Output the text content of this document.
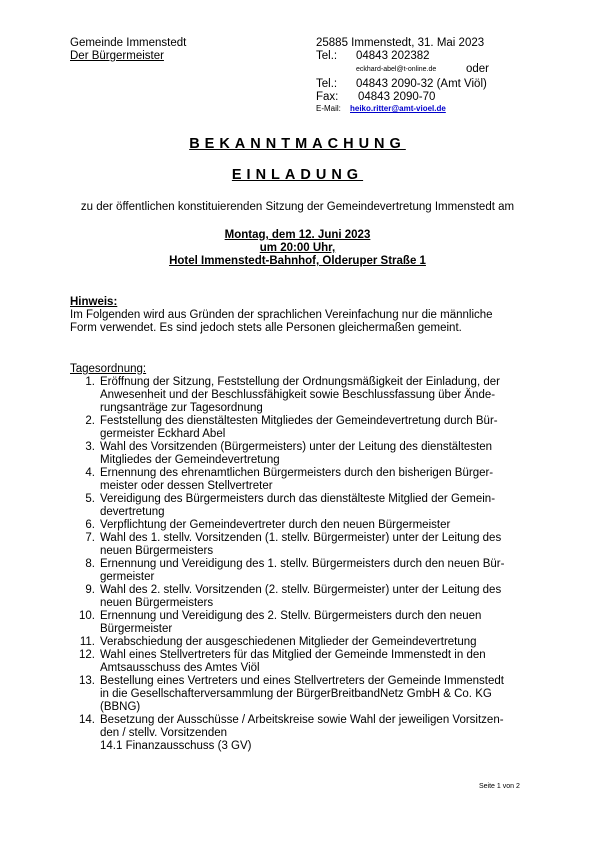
Gemeinde Immenstedt
Der Bürgermeister
25885 Immenstedt, 31. Mai 2023
Tel.: 04843 202382
eckhard-abel@t-online.de	oder
Tel.: 04843 2090-32 (Amt Viöl)
Fax: 04843 2090-70
E-Mail: heiko.ritter@amt-vioel.de
BEKANNTMACHUNG
EINLADUNG
zu der öffentlichen konstituierenden Sitzung der Gemeindevertretung Immenstedt am
Montag, dem 12. Juni 2023
um 20:00 Uhr,
Hotel Immenstedt-Bahnhof, Olderuper Straße 1
Hinweis:
Im Folgenden wird aus Gründen der sprachlichen Vereinfachung nur die männliche
Form verwendet. Es sind jedoch stets alle Personen gleichermaßen gemeint.
Tagesordnung:
1. Eröffnung der Sitzung, Feststellung der Ordnungsmäßigkeit der Einladung, der
Anwesenheit und der Beschlussfähigkeit sowie Beschlussfassung über Ände-
rungsanträge zur Tagesordnung
2. Feststellung des dienstältesten Mitgliedes der Gemeindevertretung durch Bür-
germeister Eckhard Abel
3. Wahl des Vorsitzenden (Bürgermeisters) unter der Leitung des dienstältesten
Mitgliedes der Gemeindevertretung
4. Ernennung des ehrenamtlichen Bürgermeisters durch den bisherigen Bürger-
meister oder dessen Stellvertreter
5. Vereidigung des Bürgermeisters durch das dienstälteste Mitglied der Gemein-
devertretung
6. Verpflichtung der Gemeindevertreter durch den neuen Bürgermeister
7. Wahl des 1. stellv. Vorsitzenden (1. stellv. Bürgermeister) unter der Leitung des
neuen Bürgermeisters
8. Ernennung und Vereidigung des 1. stellv. Bürgermeisters durch den neuen Bür-
germeister
9. Wahl des 2. stellv. Vorsitzenden (2. stellv. Bürgermeister) unter der Leitung des
neuen Bürgermeisters
10. Ernennung und Vereidigung des 2. Stellv. Bürgermeisters durch den neuen
Bürgermeister
11. Verabschiedung der ausgeschiedenen Mitglieder der Gemeindevertretung
12. Wahl eines Stellvertreters für das Mitglied der Gemeinde Immenstedt in den
Amtsausschuss des Amtes Viöl
13. Bestellung eines Vertreters und eines Stellvertreters der Gemeinde Immenstedt
in die Gesellschafterversammlung der BürgerBreitbandNetz GmbH & Co. KG
(BBNG)
14. Besetzung der Ausschüsse / Arbeitskreise sowie Wahl der jeweiligen Vorsitzen-
den / stellv. Vorsitzenden
14.1 Finanzausschuss (3 GV)
Seite 1 von 2
